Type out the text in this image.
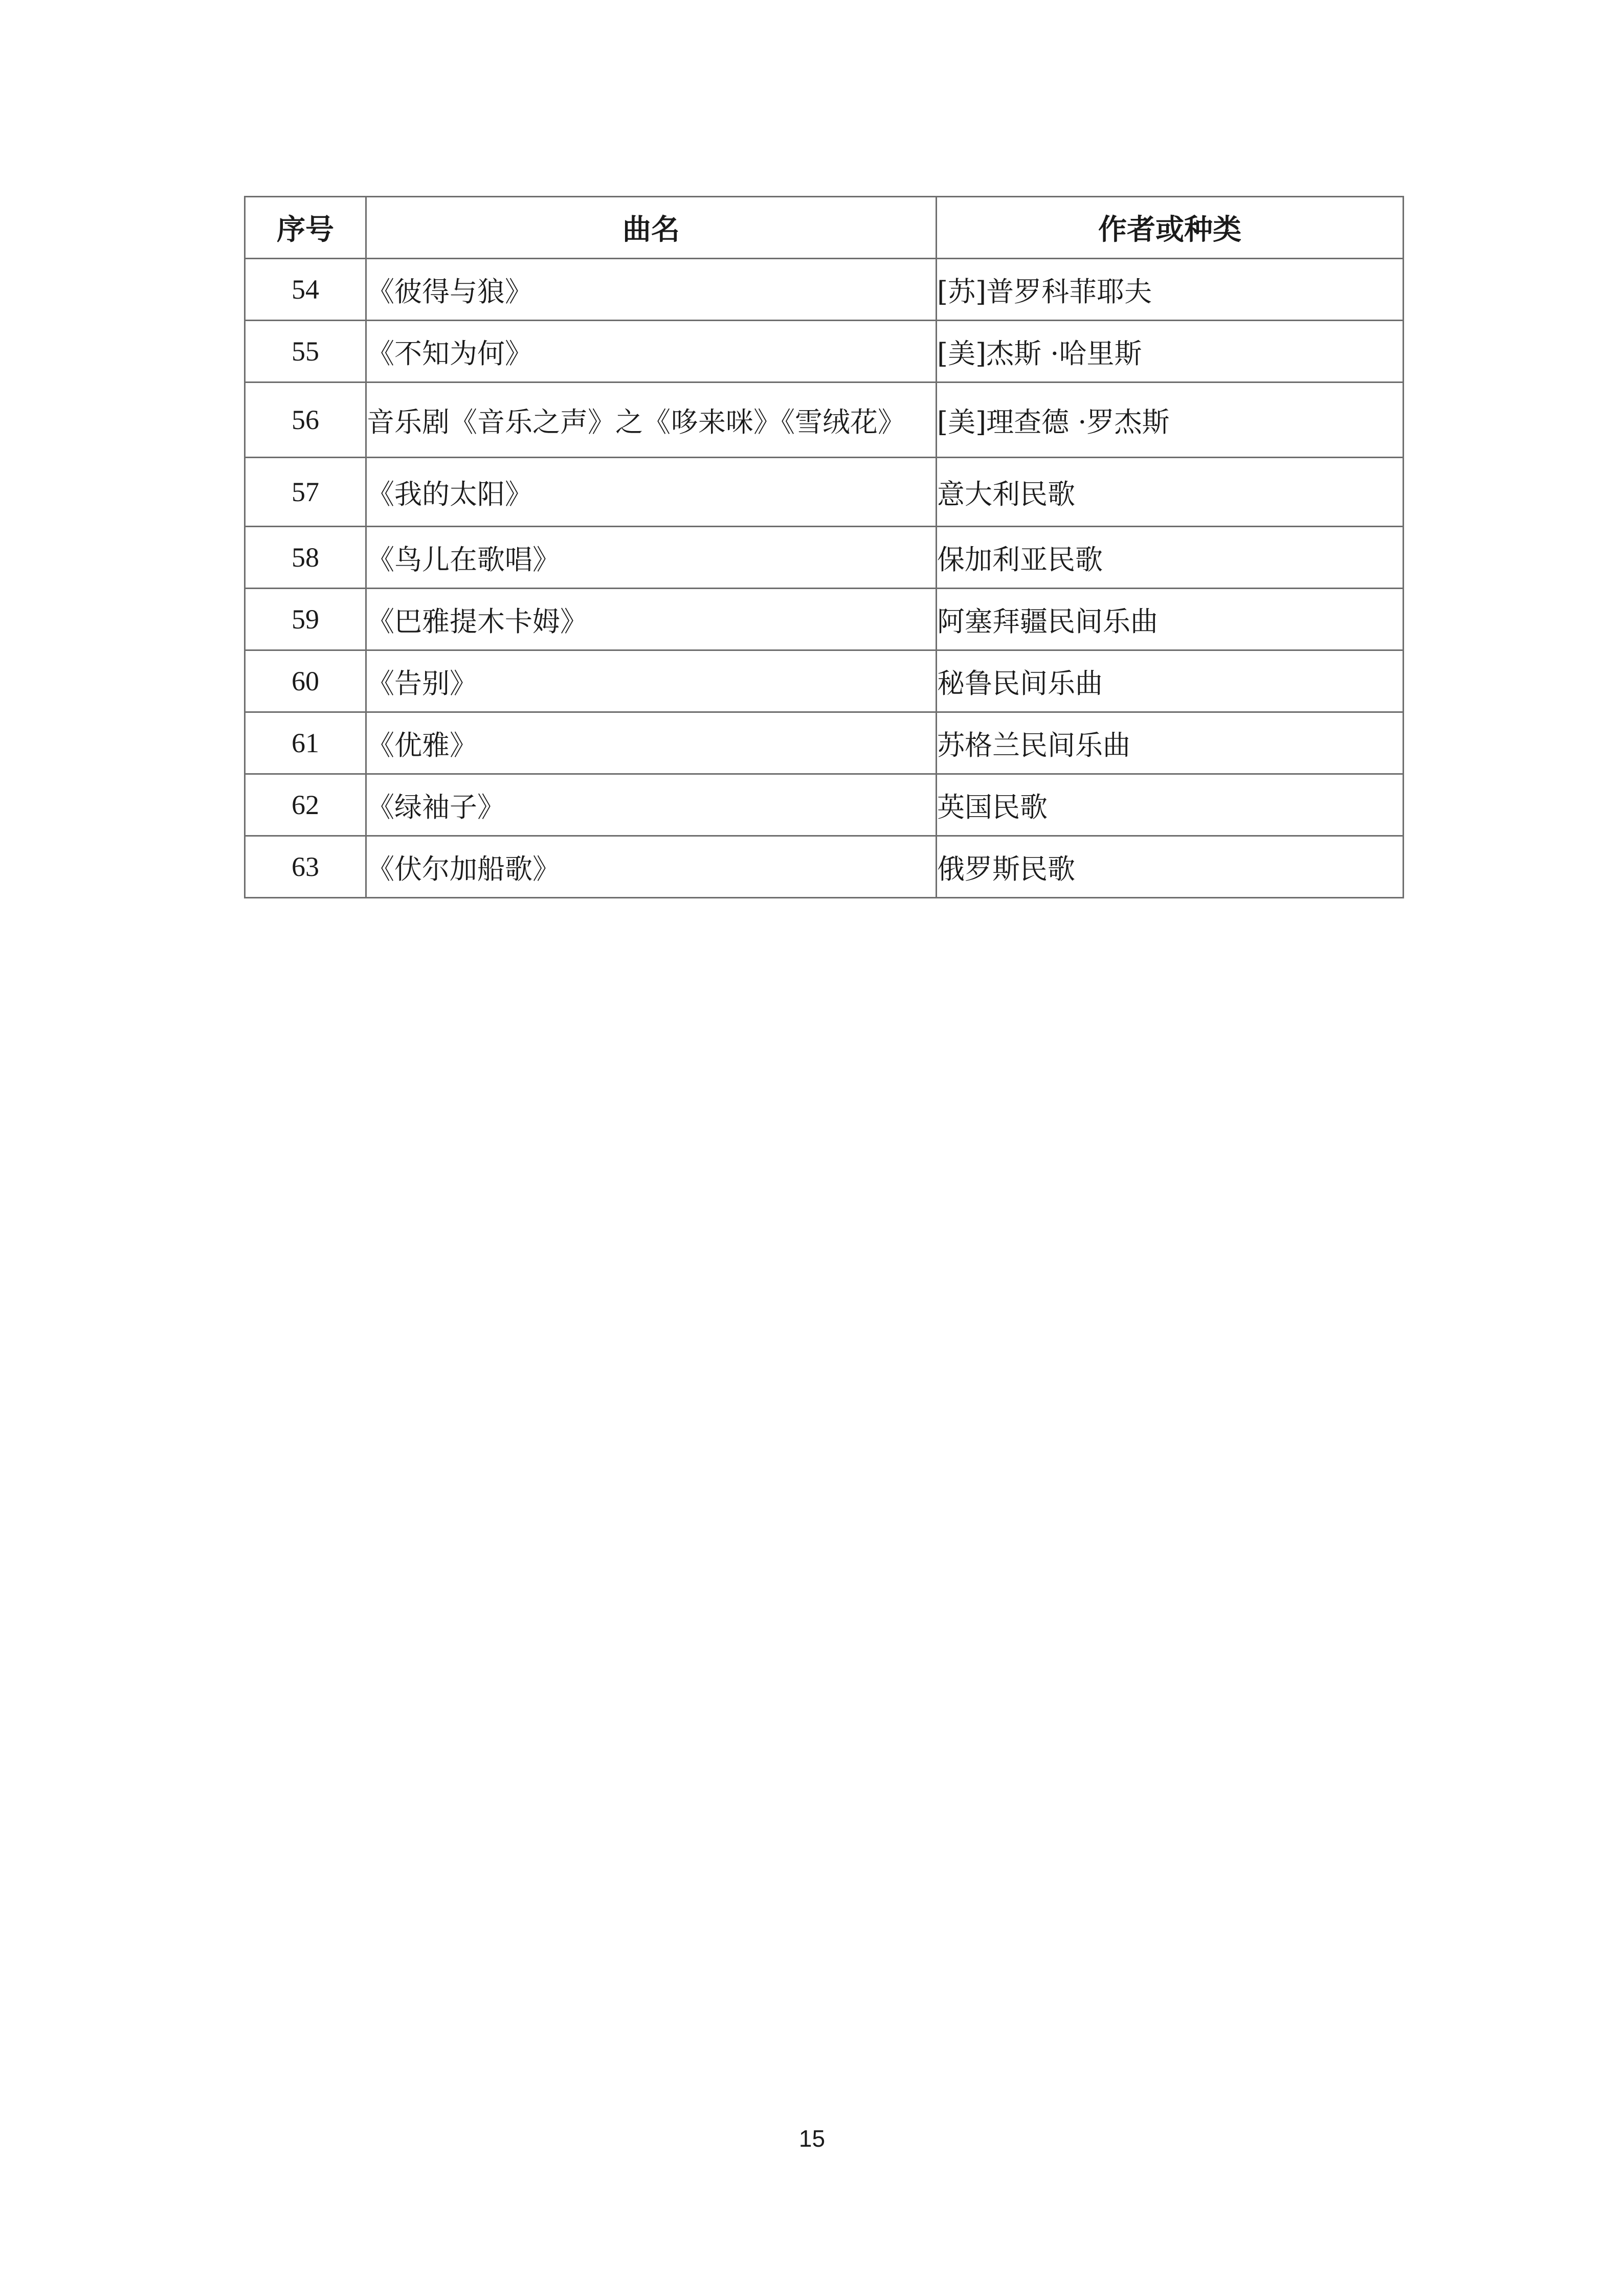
序号	曲名	作者或种类
54	《彼得与狼》	[苏]普罗科菲耶夫
55	《不知为何》	[美]杰斯 ·哈里斯
56	音乐剧《音乐之声》之《哆来咪》《雪绒花》	[美]理查德 ·罗杰斯
57	《我的太阳》	意大利民歌
58	《鸟儿在歌唱》	保加利亚民歌
59	《巴雅提木卡姆》	阿塞拜疆民间乐曲
60	《告别》	秘鲁民间乐曲
61	《优雅》	苏格兰民间乐曲
62	《绿袖子》	英国民歌
63	《伏尔加船歌》	俄罗斯民歌
15
